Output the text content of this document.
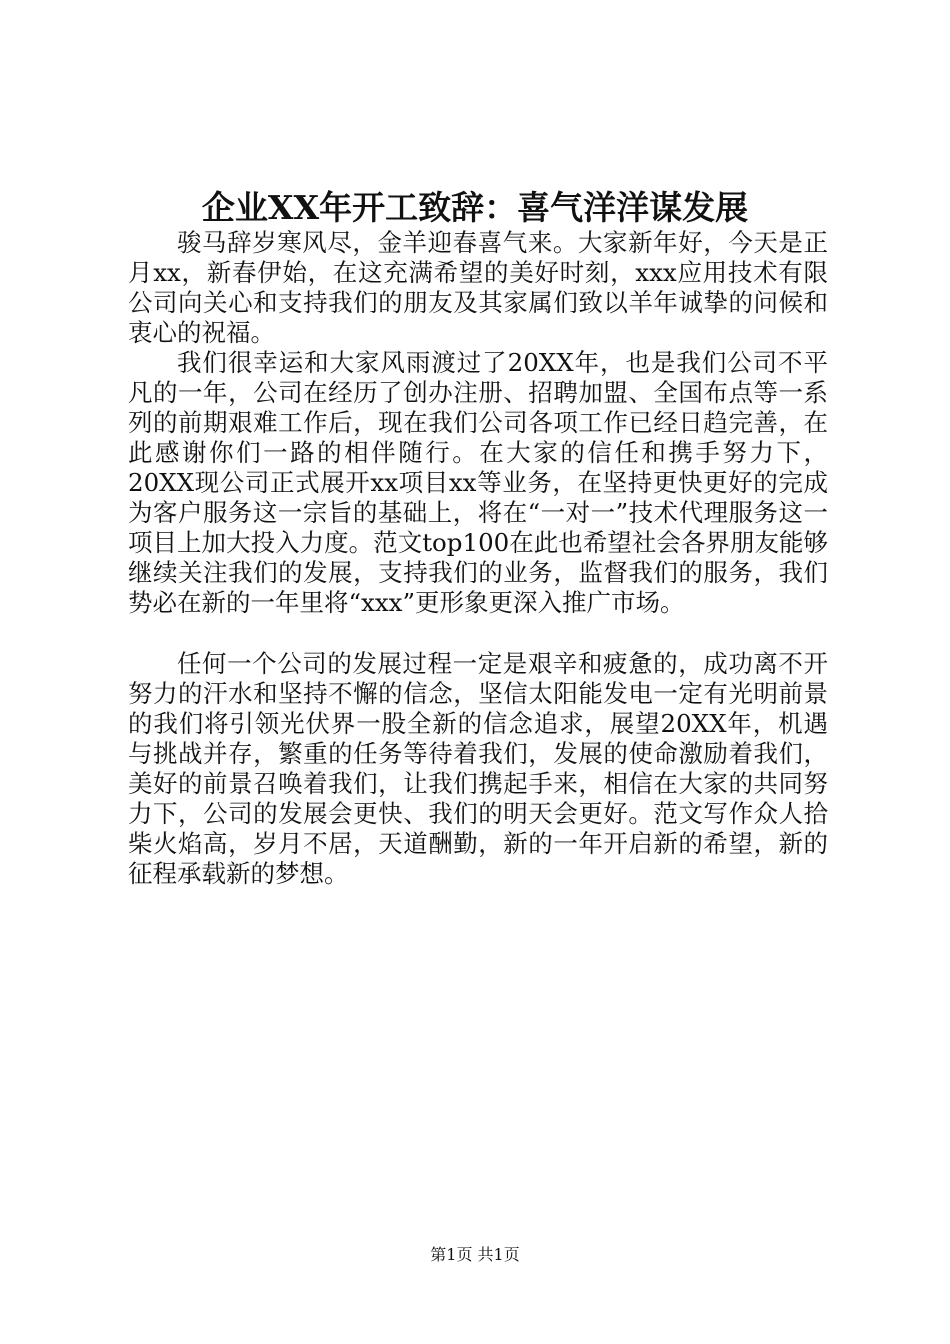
企业XX年开工致辞：喜气洋洋谋发展

骏马辞岁寒风尽，金羊迎春喜气来。大家新年好，今天是正月xx，新春伊始，在这充满希望的美好时刻，xxx应用技术有限公司向关心和支持我们的朋友及其家属们致以羊年诚挚的问候和衷心的祝福。

我们很幸运和大家风雨渡过了20XX年，也是我们公司不平凡的一年，公司在经历了创办注册、招聘加盟、全国布点等一系列的前期艰难工作后，现在我们公司各项工作已经日趋完善，在此感谢你们一路的相伴随行。在大家的信任和携手努力下，20XX现公司正式展开xx项目xx等业务，在坚持更快更好的完成为客户服务这一宗旨的基础上，将在“一对一”技术代理服务这一项目上加大投入力度。范文top100在此也希望社会各界朋友能够继续关注我们的发展，支持我们的业务，监督我们的服务，我们势必在新的一年里将“xxx”更形象更深入推广市场。

任何一个公司的发展过程一定是艰辛和疲惫的，成功离不开努力的汗水和坚持不懈的信念，坚信太阳能发电一定有光明前景的我们将引领光伏界一股全新的信念追求，展望20XX年，机遇与挑战并存，繁重的任务等待着我们，发展的使命激励着我们，美好的前景召唤着我们，让我们携起手来，相信在大家的共同努力下，公司的发展会更快、我们的明天会更好。范文写作众人拾柴火焰高，岁月不居，天道酬勤，新的一年开启新的希望，新的征程承载新的梦想。

第1页 共1页
